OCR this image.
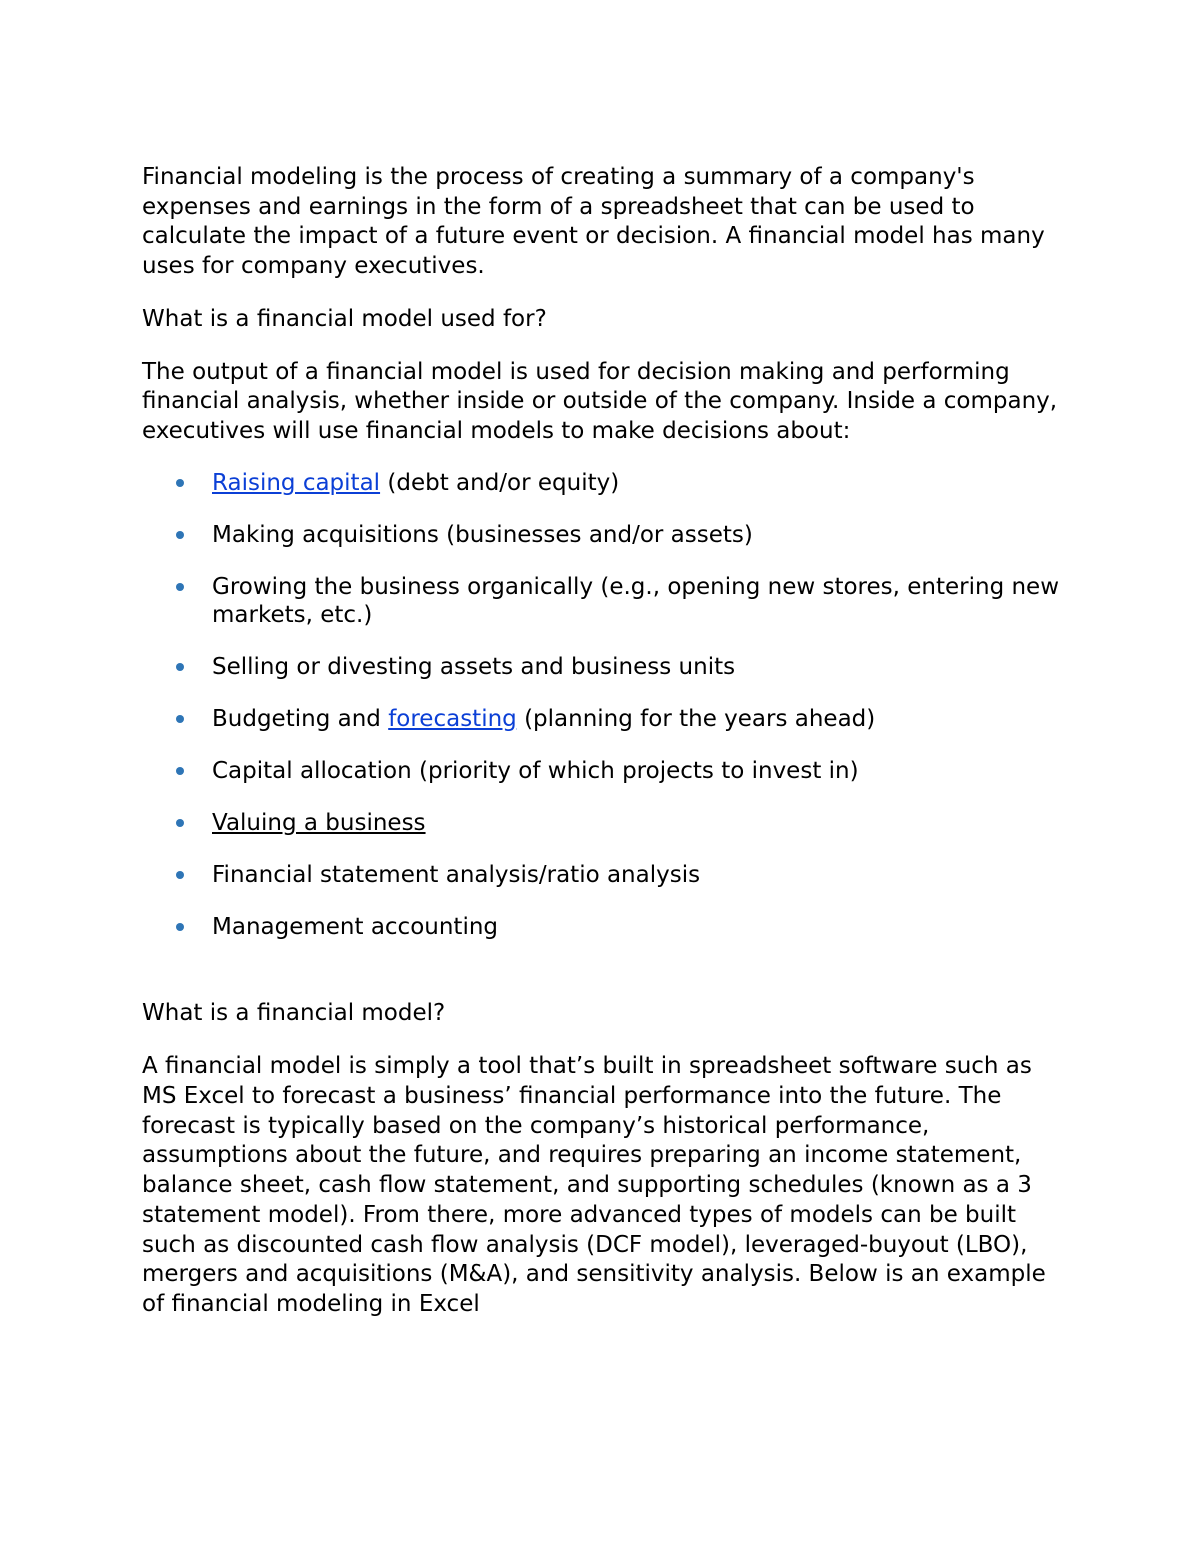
Financial modeling is the process of creating a summary of a company's expenses and earnings in the form of a spreadsheet that can be used to calculate the impact of a future event or decision. A financial model has many uses for company executives.

What is a financial model used for?

The output of a financial model is used for decision making and performing financial analysis, whether inside or outside of the company. Inside a company, executives will use financial models to make decisions about:

Raising capital (debt and/or equity)
Making acquisitions (businesses and/or assets)
Growing the business organically (e.g., opening new stores, entering new markets, etc.)
Selling or divesting assets and business units
Budgeting and forecasting (planning for the years ahead)
Capital allocation (priority of which projects to invest in)
Valuing a business
Financial statement analysis/ratio analysis
Management accounting

What is a financial model?

A financial model is simply a tool that’s built in spreadsheet software such as MS Excel to forecast a business’ financial performance into the future. The forecast is typically based on the company’s historical performance, assumptions about the future, and requires preparing an income statement, balance sheet, cash flow statement, and supporting schedules (known as a 3 statement model). From there, more advanced types of models can be built such as discounted cash flow analysis (DCF model), leveraged-buyout (LBO), mergers and acquisitions (M&A), and sensitivity analysis. Below is an example of financial modeling in Excel
